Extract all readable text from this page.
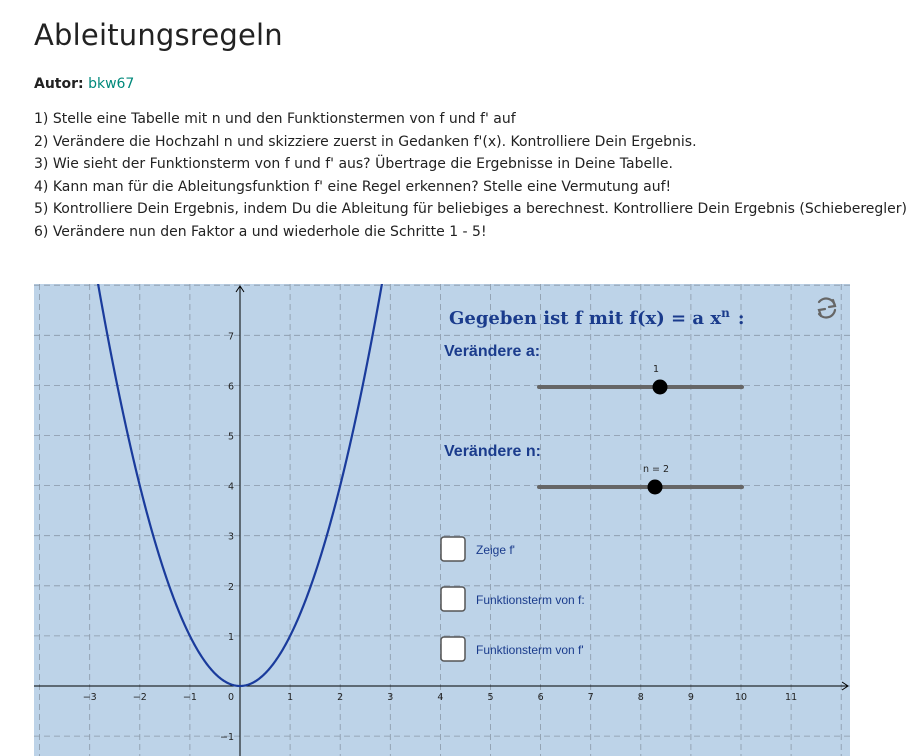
Ableitungsregeln
Autor: bkw67
1) Stelle eine Tabelle mit n und den Funktionstermen von f und f' auf
2) Verändere die Hochzahl n und skizziere zuerst in Gedanken f'(x). Kontrolliere Dein Ergebnis.
3) Wie sieht der Funktionsterm von f und f' aus? Übertrage die Ergebnisse in Deine Tabelle.
4) Kann man für die Ableitungsfunktion f' eine Regel erkennen? Stelle eine Vermutung auf!
5) Kontrolliere Dein Ergebnis, indem Du die Ableitung für beliebiges a berechnest. Kontrolliere Dein Ergebnis (Schieberegler)
6) Verändere nun den Faktor a und wiederhole die Schritte 1 - 5!
−3	−2	−1	0	1	2	3	4	5	6	7	8	9	10	11
−1
1
2
3
4
5
6
7
Gegeben ist f mit f(x) = a $x^n$ :
Verändere a:
1
Verändere n:
n = 2
Zeige f'
Funktionsterm von f:
Funktionsterm von f'
